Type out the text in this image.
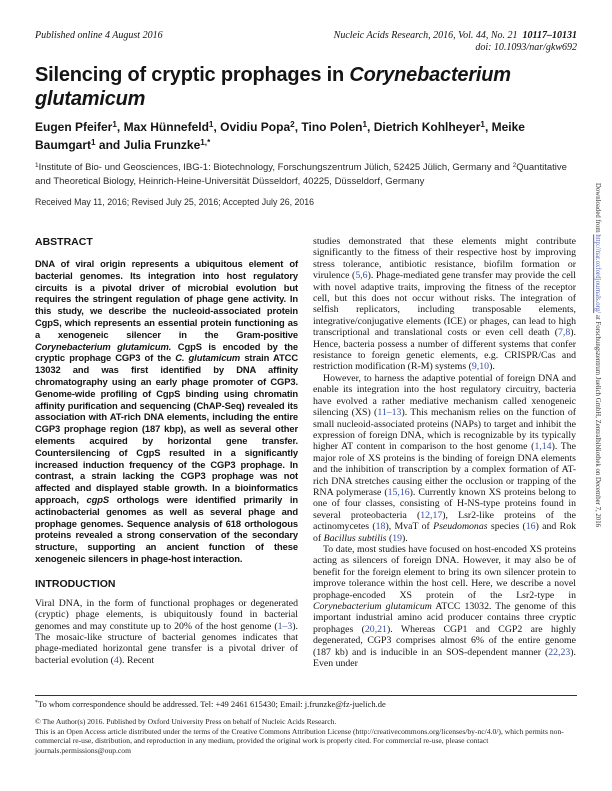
Published online 4 August 2016	Nucleic Acids Research, 2016, Vol. 44, No. 21  10117–10131
doi: 10.1093/nar/gkw692
Silencing of cryptic prophages in Corynebacterium glutamicum
Eugen Pfeifer$^1$, Max Hünnefeld$^1$, Ovidiu Popa$^2$, Tino Polen$^1$, Dietrich Kohlheyer$^1$, Meike Baumgart$^1$ and Julia Frunzke$^{1,*}$
$^1$Institute of Bio- und Geosciences, IBG-1: Biotechnology, Forschungszentrum Jülich, 52425 Jülich, Germany and $^2$Quantitative and Theoretical Biology, Heinrich-Heine-Universität Düsseldorf, 40225, Düsseldorf, Germany
Received May 11, 2016; Revised July 25, 2016; Accepted July 26, 2016
ABSTRACT

DNA of viral origin represents a ubiquitous element of bacterial genomes. Its integration into host regulatory circuits is a pivotal driver of microbial evolution but requires the stringent regulation of phage gene activity. In this study, we describe the nucleoid-associated protein CgpS, which represents an essential protein functioning as a xenogeneic silencer in the Gram-positive Corynebacterium glutamicum. CgpS is encoded by the cryptic prophage CGP3 of the C. glutamicum strain ATCC 13032 and was first identified by DNA affinity chromatography using an early phage promoter of CGP3. Genome-wide profiling of CgpS binding using chromatin affinity purification and sequencing (ChAP-Seq) revealed its association with AT-rich DNA elements, including the entire CGP3 prophage region (187 kbp), as well as several other elements acquired by horizontal gene transfer. Countersilencing of CgpS resulted in a significantly increased induction frequency of the CGP3 prophage. In contrast, a strain lacking the CGP3 prophage was not affected and displayed stable growth. In a bioinformatics approach, cgpS orthologs were identified primarily in actinobacterial genomes as well as several phage and prophage genomes. Sequence analysis of 618 orthologous proteins revealed a strong conservation of the secondary structure, supporting an ancient function of these xenogeneic silencers in phage-host interaction.

INTRODUCTION

Viral DNA, in the form of functional prophages or degenerated (cryptic) phage elements, is ubiquitously found in bacterial genomes and may constitute up to 20% of the host genome (1–3). The mosaic-like structure of bacterial genomes indicates that phage-mediated horizontal gene transfer is a pivotal driver of bacterial evolution (4). Recent

studies demonstrated that these elements might contribute significantly to the fitness of their respective host by improving stress tolerance, antibiotic resistance, biofilm formation or virulence (5,6). Phage-mediated gene transfer may provide the cell with novel adaptive traits, improving the fitness of the receptor cell, but this does not occur without risks. The integration of selfish replicators, including transposable elements, integrative/conjugative elements (ICE) or phages, can lead to high transcriptional and translational costs or even cell death (7,8). Hence, bacteria possess a number of different systems that confer resistance to foreign genetic elements, e.g. CRISPR/Cas and restriction modification (R-M) systems (9,10).

However, to harness the adaptive potential of foreign DNA and enable its integration into the host regulatory circuitry, bacteria have evolved a rather mediative mechanism called xenogeneic silencing (XS) (11–13). This mechanism relies on the function of small nucleoid-associated proteins (NAPs) to target and inhibit the expression of foreign DNA, which is recognizable by its typically higher AT content in comparison to the host genome (1,14). The major role of XS proteins is the binding of foreign DNA elements and the inhibition of transcription by a complex formation of AT-rich DNA stretches causing either the occlusion or trapping of the RNA polymerase (15,16). Currently known XS proteins belong to one of four classes, consisting of H-NS-type proteins found in several proteobacteria (12,17), Lsr2-like proteins of the actinomycetes (18), MvaT of Pseudomonas species (16) and Rok of Bacillus subtilis (19).

To date, most studies have focused on host-encoded XS proteins acting as silencers of foreign DNA. However, it may also be of benefit for the foreign element to bring its own silencer protein to improve tolerance within the host cell. Here, we describe a novel prophage-encoded XS protein of the Lsr2-type in Corynebacterium glutamicum ATCC 13032. The genome of this important industrial amino acid producer contains three cryptic prophages (20,21). Whereas CGP1 and CGP2 are highly degenerated, CGP3 comprises almost 6% of the entire genome (187 kb) and is inducible in an SOS-dependent manner (22,23). Even under

*To whom correspondence should be addressed. Tel: +49 2461 615430; Email: j.frunzke@fz-juelich.de

© The Author(s) 2016. Published by Oxford University Press on behalf of Nucleic Acids Research.

This is an Open Access article distributed under the terms of the Creative Commons Attribution License (http://creativecommons.org/licenses/by-nc/4.0/), which permits non-commercial re-use, distribution, and reproduction in any medium, provided the original work is properly cited. For commercial re-use, please contact journals.permissions@oup.com

Downloaded from http://nar.oxfordjournals.org/ at Forschungszentrum Juelich GmbH, Zentralbibliothek on December 7, 2016
